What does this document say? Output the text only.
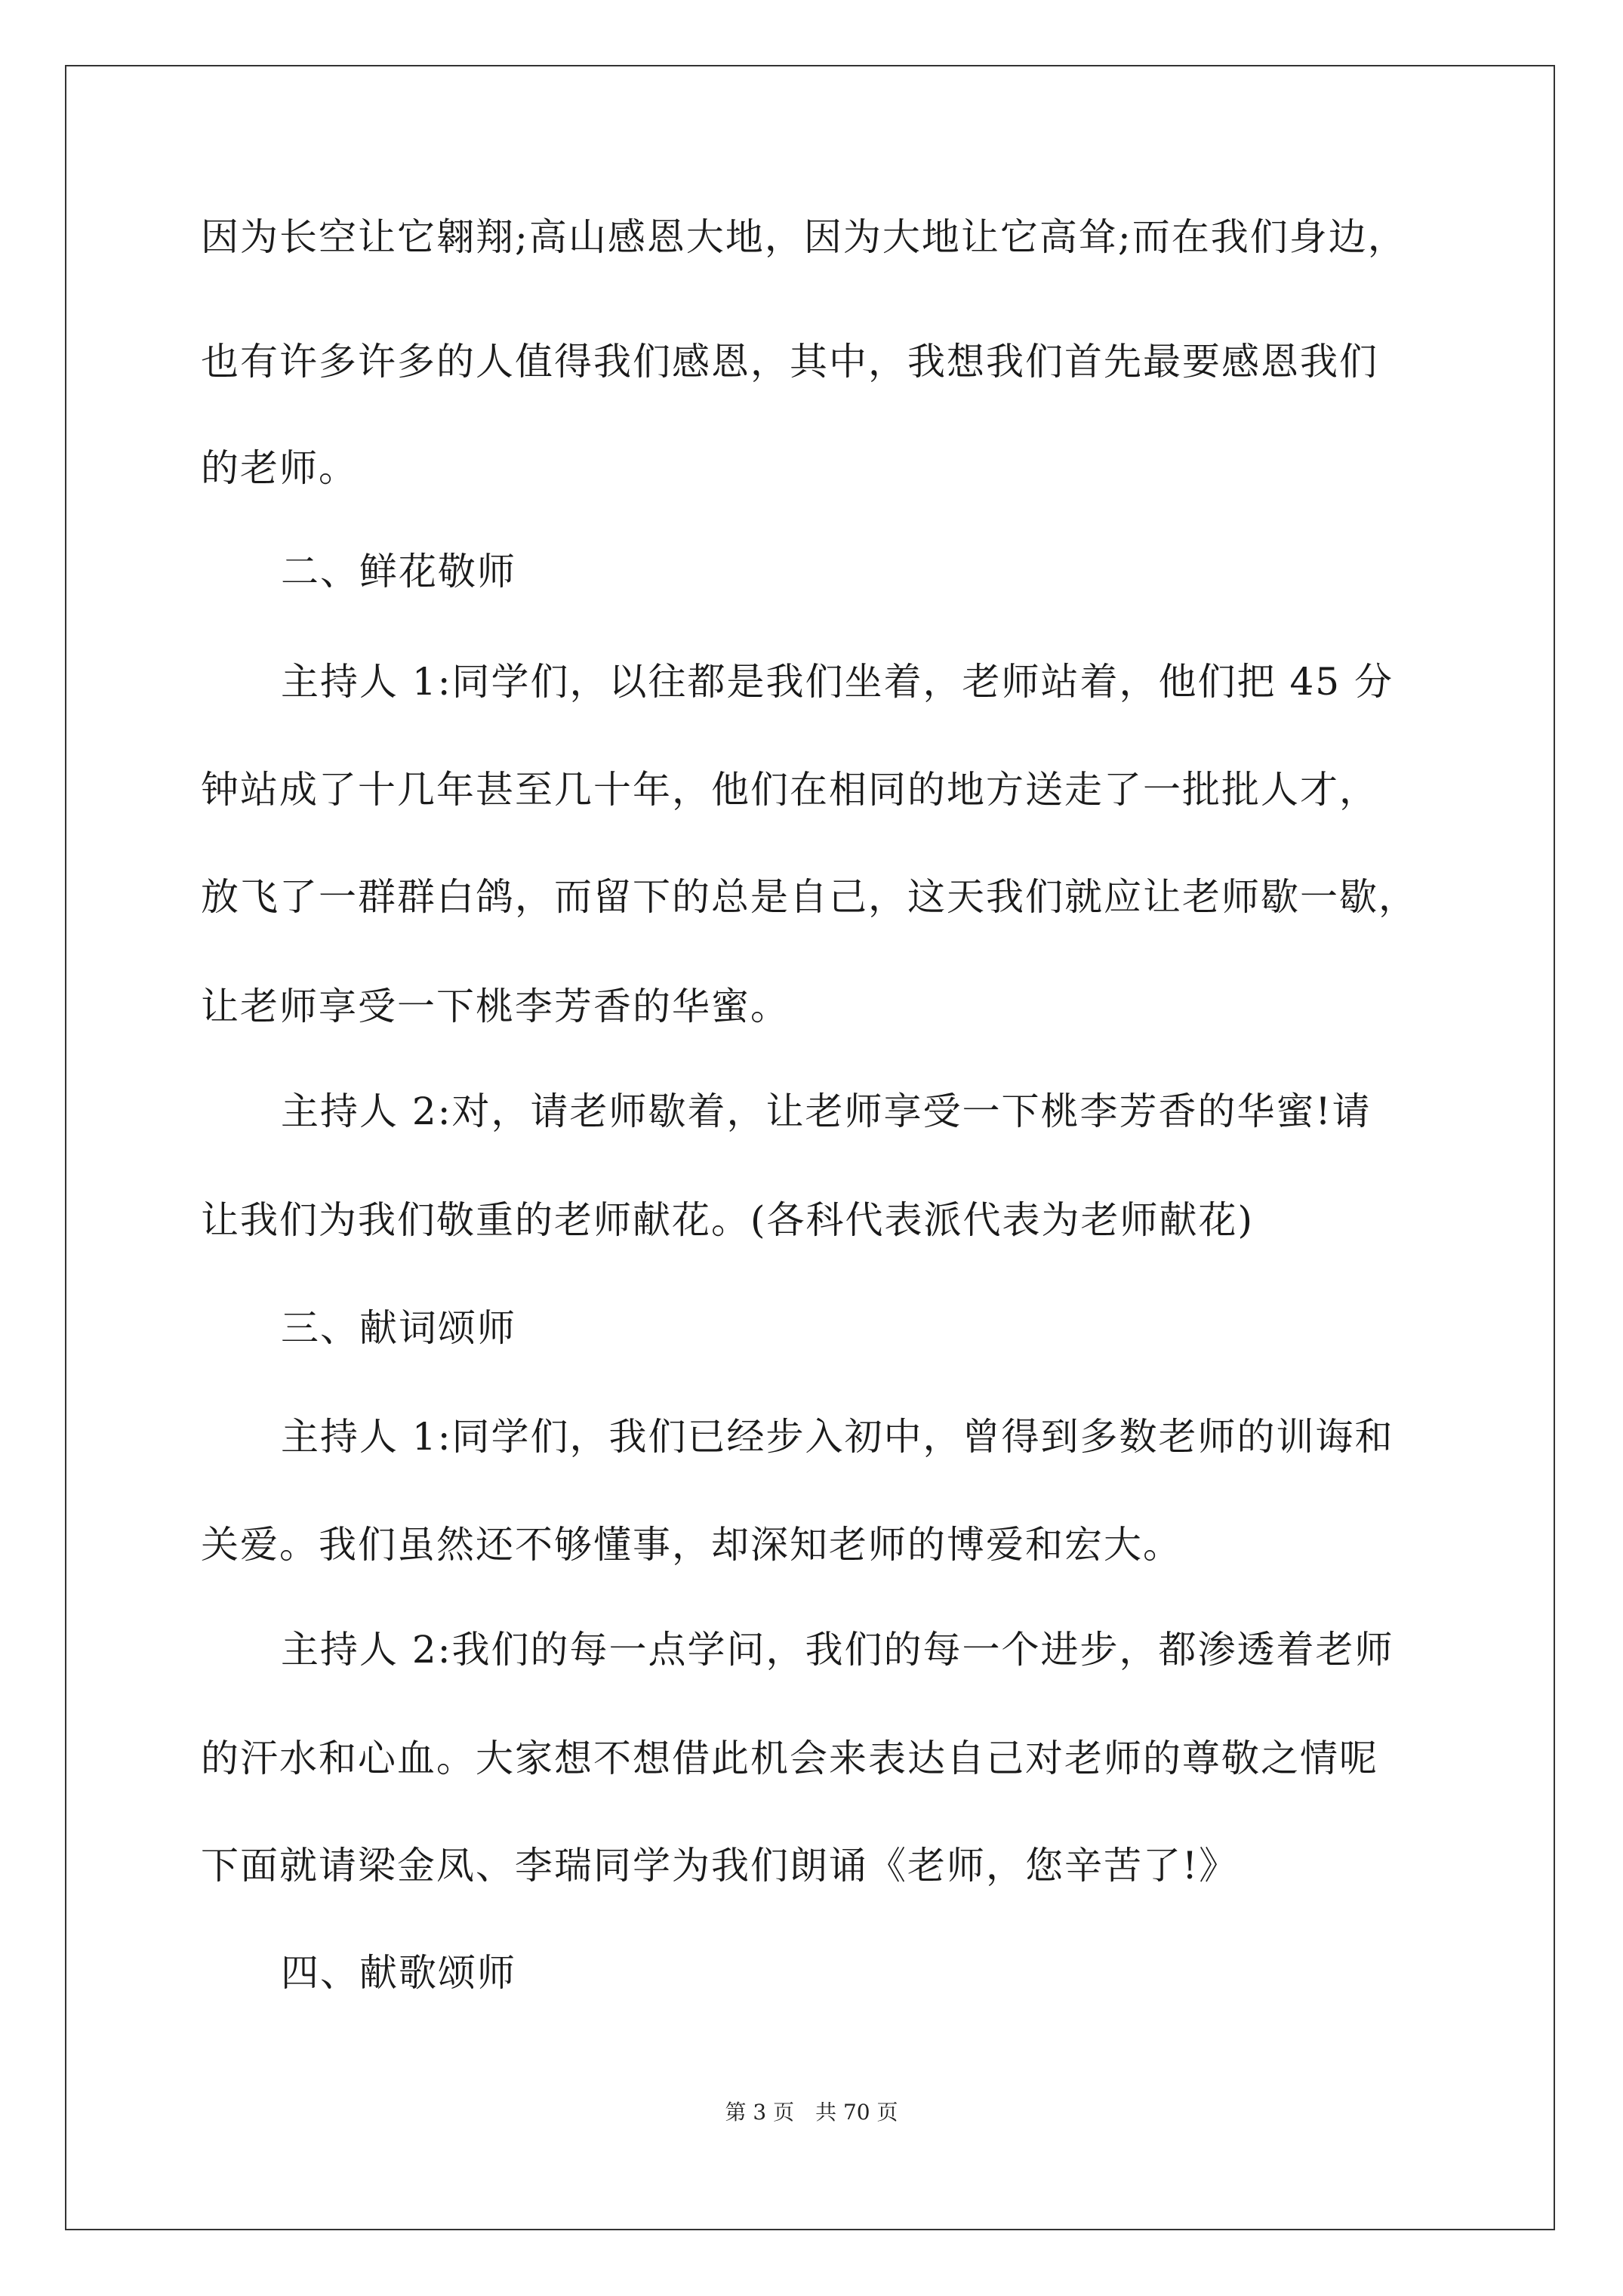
因为长空让它翱翔;高山感恩大地，因为大地让它高耸;而在我们身边，
也有许多许多的人值得我们感恩，其中，我想我们首先最要感恩我们
的老师。
二、鲜花敬师
主持人 1:同学们，以往都是我们坐着，老师站着，他们把 45 分
钟站成了十几年甚至几十年，他们在相同的地方送走了一批批人才，
放飞了一群群白鸽，而留下的总是自己，这天我们就应让老师歇一歇，
让老师享受一下桃李芳香的华蜜。
主持人 2:对，请老师歇着，让老师享受一下桃李芳香的华蜜!请
让我们为我们敬重的老师献花。(各科代表派代表为老师献花)
三、献词颂师
主持人 1:同学们，我们已经步入初中，曾得到多数老师的训诲和
关爱。我们虽然还不够懂事，却深知老师的博爱和宏大。
主持人 2:我们的每一点学问，我们的每一个进步，都渗透着老师
的汗水和心血。大家想不想借此机会来表达自己对老师的尊敬之情呢
下面就请梁金凤、李瑞同学为我们朗诵《老师，您辛苦了!》
四、献歌颂师
第 3 页　共 70 页
